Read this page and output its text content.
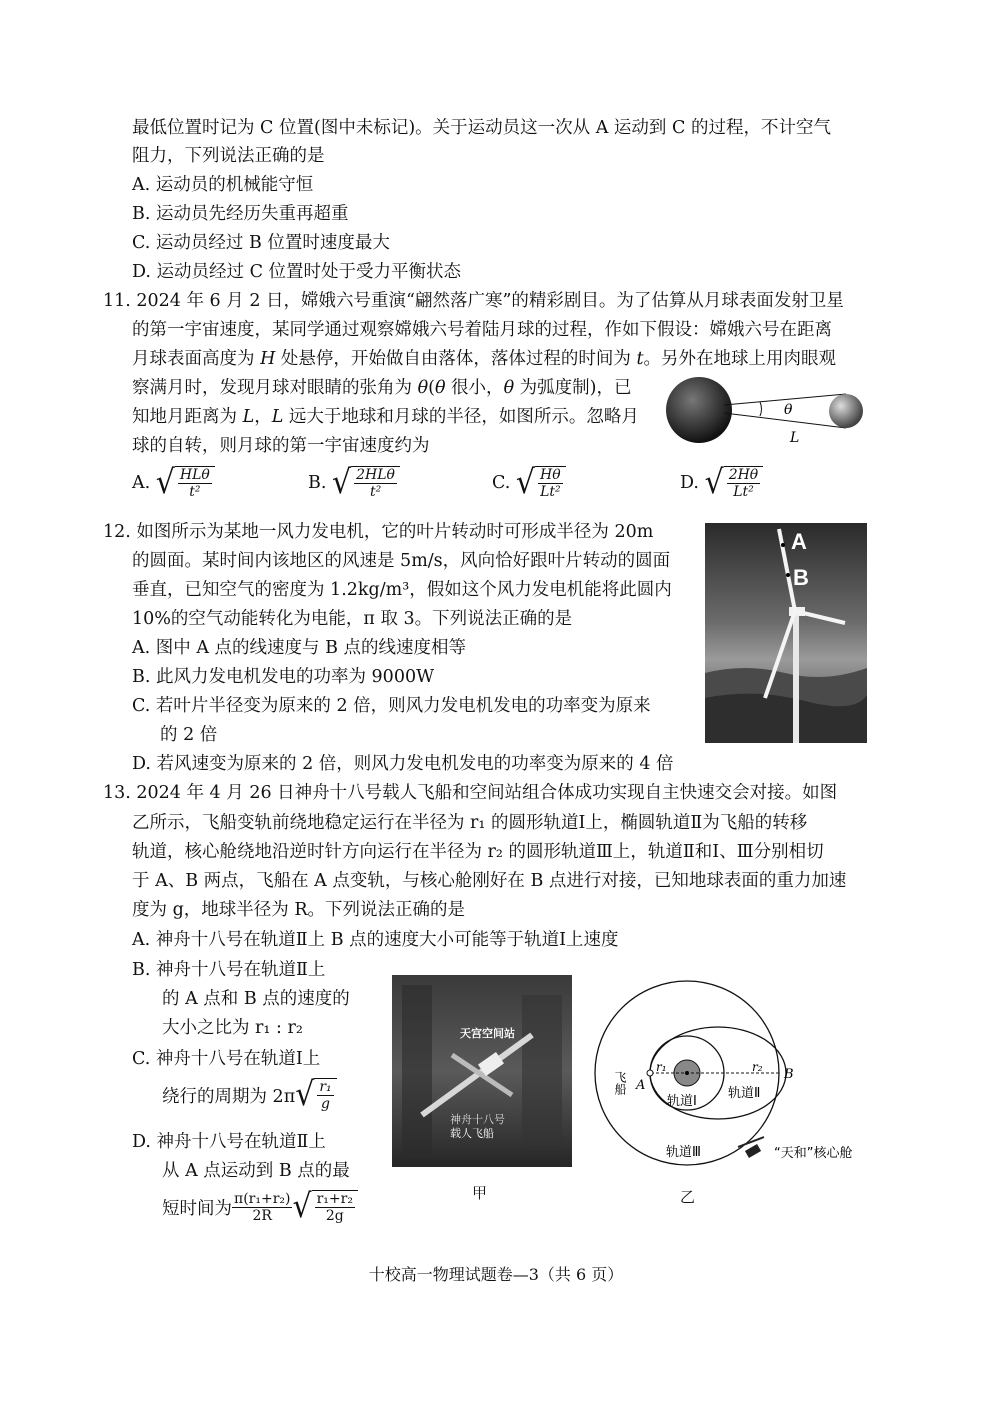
最低位置时记为 C 位置(图中未标记)。关于运动员这一次从 A 运动到 C 的过程，不计空气
阻力，下列说法正确的是
A. 运动员的机械能守恒
B. 运动员先经历失重再超重
C. 运动员经过 B 位置时速度最大
D. 运动员经过 C 位置时处于受力平衡状态
11. 2024 年 6 月 2 日，嫦娥六号重演“翩然落广寒”的精彩剧目。为了估算从月球表面发射卫星
的第一宇宙速度，某同学通过观察嫦娥六号着陆月球的过程，作如下假设：嫦娥六号在距离
月球表面高度为 H 处悬停，开始做自由落体，落体过程的时间为 t。另外在地球上用肉眼观
察满月时，发现月球对眼睛的张角为 θ(θ 很小，θ 为弧度制)，已
知地月距离为 L，L 远大于地球和月球的半径，如图所示。忽略月
球的自转，则月球的第一宇宙速度约为
θ
L
A.
√ $\frac{\text{HLθ}}{\text{t²}}$	B.
√ $\frac{\text{2HLθ}}{\text{t²}}$	C.
√ $\frac{H\theta}{\text{Lt²}}$	D.
√ $\frac{2H\theta}{\text{Lt²}}$
12. 如图所示为某地一风力发电机，它的叶片转动时可形成半径为 20m
的圆面。某时间内该地区的风速是 5m/s，风向恰好跟叶片转动的圆面
垂直，已知空气的密度为 1.2kg/m³，假如这个风力发电机能将此圆内
10%的空气动能转化为电能，π 取 3。下列说法正确的是
A. 图中 A 点的线速度与 B 点的线速度相等
B. 此风力发电机发电的功率为 9000W
C. 若叶片半径变为原来的 2 倍，则风力发电机发电的功率变为原来
的 2 倍
D. 若风速变为原来的 2 倍，则风力发电机发电的功率变为原来的 4 倍
A
B
13. 2024 年 4 月 26 日神舟十八号载人飞船和空间站组合体成功实现自主快速交会对接。如图
乙所示，飞船变轨前绕地稳定运行在半径为 r₁ 的圆形轨道Ⅰ上，椭圆轨道Ⅱ为飞船的转移
轨道，核心舱绕地沿逆时针方向运行在半径为 r₂ 的圆形轨道Ⅲ上，轨道Ⅱ和Ⅰ、Ⅲ分别相切
于 A、B 两点，飞船在 A 点变轨，与核心舱刚好在 B 点进行对接，已知地球表面的重力加速
度为 g，地球半径为 R。下列说法正确的是
A. 神舟十八号在轨道Ⅱ上 B 点的速度大小可能等于轨道Ⅰ上速度
B. 神舟十八号在轨道Ⅱ上
的 A 点和 B 点的速度的
大小之比为 r₁ : r₂
C. 神舟十八号在轨道Ⅰ上
绕行的周期为 2π √ $\frac{\text{r₁}}{g}$
D. 神舟十八号在轨道Ⅱ上
从 A 点运动到 B 点的最
短时间为 $\frac{\text{π(r₁+r₂)}}{2R}$ √ $\frac{\text{r₁+r₂}}{2g}$
天宫空间站
神舟十八号
载人飞船
甲
r₁	r₂
A
B
飞船
轨道Ⅰ
轨道Ⅱ
轨道Ⅲ	“天和”核心舱
乙
十校高一物理试题卷—3（共 6 页）
